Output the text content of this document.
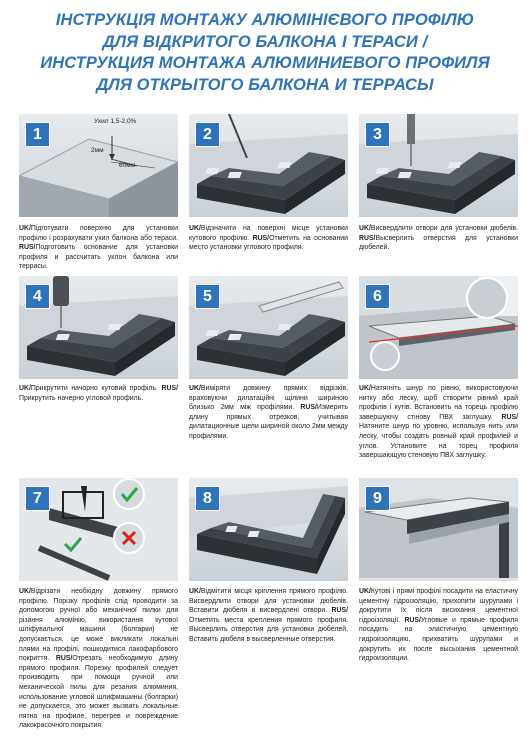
ІНСТРУКЦІЯ МОНТАЖУ АЛЮМІНІЄВОГО ПРОФІЛЮ
ДЛЯ ВІДКРИТОГО БАЛКОНА І ТЕРАСИ /
ИНСТРУКЦИЯ МОНТАЖА АЛЮМИНИЕВОГО ПРОФИЛЯ
ДЛЯ ОТКРЫТОГО БАЛКОНА И ТЕРРАСЫ
1
Ухил 1,5-2,0%
2мм
60мм
UK/Підготувати поверхню для установки профілю і розрахувати ухил балкона або тераси. RUS/Подготовить основание для установки профиля и рассчитать уклон балкона или террасы.
2
UK/Відзначити на поверхні місце установки кутового профілю. RUS/Отметить на основании место установки углового профиля.
3
UK/Висвердлити отвори для установки дюбелів. RUS/Высверлить отверстия для установки дюбелей.
4
UK/Прикрутити начорно кутовий профіль. RUS/Прикрутить начерно угловой профиль.
5
UK/Виміряти довжину прямих відрізків, враховуючи дилатаційні щілини шириною близько 2мм між профілями. RUS/Измерить длину прямых отрезков, учитывая дилатационные щели шириной около 2мм между профилями.
6
UK/Натягніть шнур по рівню, використовуючи нитку або леску, щоб створити рівний край профілів і кутів. Встановить на торець профілю завершуючу стінову ПВХ заглушку. RUS/Натяните шнур по уровню, используя нить или леску, чтобы создать ровный край профилей и углов. Установите на торец профиля завершающую стеновую ПВХ заглушку.
7
UK/Відрізати необхідну довжину прямого профілю. Порізку профілів слід проводити за допомогою ручної або механічної пилки для різання алюмінію, використання кутової шліфувальної машини (болгарки) не допускається, це може викликати локальні плями на профілі, пошкодитися лакофарбового покриття. RUS/Отрезать необходимую длину прямого профиля. Порезку профилей следует производить при помощи ручной или механической пилы для резания алюминия, использование угловой шлифмашины (болгарки) не допускается, это может вызвать локальные пятна на профиле, перегрев и повреждение лакокрасочного покрытия.
8
UK/Відмітити місця кріплення прямого профілю. Висвердлити отвори для установки дюбелів. Вставити дюбеля в висвердлені отвори. RUS/Отметить места крепления прямого профиля. Высверлить отверстия для установки дюбелей. Вставить дюбеля в высверленные отверстия.
9
UK/Кутові і прямі профілі посадити на еластичну цементну гідроізоляцію, прихопити шурупами і докрутити їх після висихання цементної гідроізоляції. RUS/Угловые и прямые профиля посадить на эластичную цементную гидроизоляцию, прихватить шурупами и докрутить их после высыхания цементной гидроизоляции.
